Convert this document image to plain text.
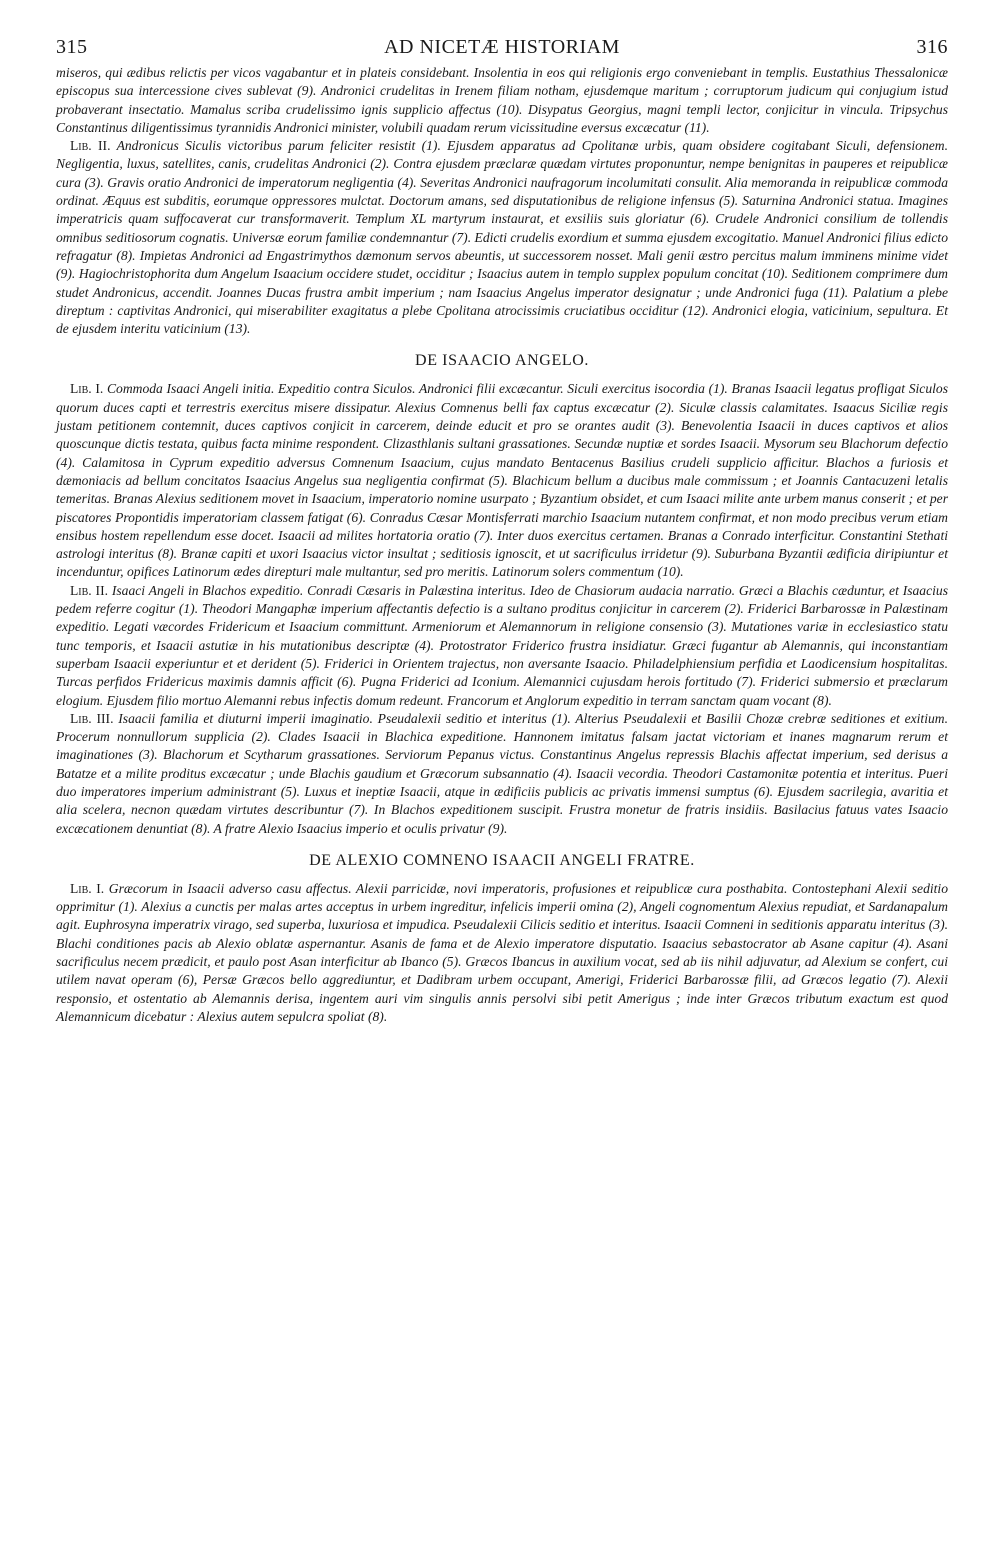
315	AD NICETÆ HISTORIAM	316

miseros, qui ædibus relictis per vicos vagabantur et in plateis considebant. Insolentia in eos qui religionis ergo conveniebant in templis. Eustathius Thessalonicæ episcopus sua intercessione cives sublevat (9). Andronici crudelitas in Irenem filiam notham, ejusdemque maritum ; corruptorum judicum qui conjugium istud probaverant insectatio. Mamalus scriba crudelissimo ignis supplicio affectus (10). Disypatus Georgius, magni templi lector, conjicitur in vincula. Tripsychus Constantinus diligentissimus tyrannidis Andronici minister, volubili quadam rerum vicissitudine eversus excæcatur (11).

Lib. II. Andronicus Siculis victoribus parum feliciter resistit (1). Ejusdem apparatus ad Cpolitanæ urbis, quam obsidere cogitabant Siculi, defensionem. Negligentia, luxus, satellites, canis, crudelitas Andronici (2). Contra ejusdem præclaræ quædam virtutes proponuntur, nempe benignitas in pauperes et reipublicæ cura (3). Gravis oratio Andronici de imperatorum negligentia (4). Severitas Andronici naufragorum incolumitati consulit. Alia memoranda in reipublicæ commoda ordinat. Æquus est subditis, eorumque oppressores mulctat. Doctorum amans, sed disputationibus de religione infensus (5). Saturnina Andronici statua. Imagines imperatricis quam suffocaverat cur transformaverit. Templum XL martyrum instaurat, et exsiliis suis gloriatur (6). Crudele Andronici consilium de tollendis omnibus seditiosorum cognatis. Universæ eorum familiæ condemnantur (7). Edicti crudelis exordium et summa ejusdem excogitatio. Manuel Andronici filius edicto refragatur (8). Impietas Andronici ad Engastrimythos dæmonum servos abeuntis, ut successorem nosset. Mali genii æstro percitus malum imminens minime videt (9). Hagiochristophorita dum Angelum Isaacium occidere studet, occiditur ; Isaacius autem in templo supplex populum concitat (10). Seditionem comprimere dum studet Andronicus, accendit. Joannes Ducas frustra ambit imperium ; nam Isaacius Angelus imperator designatur ; unde Andronici fuga (11). Palatium a plebe direptum : captivitas Andronici, qui miserabiliter exagitatus a plebe Cpolitana atrocissimis cruciatibus occiditur (12). Andronici elogia, vaticinium, sepultura. Et de ejusdem interitu vaticinium (13).

DE ISAACIO ANGELO.

Lib. I. Commoda Isaaci Angeli initia. Expeditio contra Siculos. Andronici filii excæcantur. Siculi exercitus isocordia (1). Branas Isaacii legatus profligat Siculos quorum duces capti et terrestris exercitus misere dissipatur. Alexius Comnenus belli fax captus excæcatur (2). Siculæ classis calamitates. Isaacus Siciliæ regis justam petitionem contemnit, duces captivos conjicit in carcerem, deinde educit et pro se orantes audit (3). Benevolentia Isaacii in duces captivos et alios quoscunque dictis testata, quibus facta minime respondent. Clizasthlanis sultani grassationes. Secundæ nuptiæ et sordes Isaacii. Mysorum seu Blachorum defectio (4). Calamitosa in Cyprum expeditio adversus Comnenum Isaacium, cujus mandato Bentacenus Basilius crudeli supplicio afficitur. Blachos a furiosis et dæmoniacis ad bellum concitatos Isaacius Angelus sua negligentia confirmat (5). Blachicum bellum a ducibus male commissum ; et Joannis Cantacuzeni letalis temeritas. Branas Alexius seditionem movet in Isaacium, imperatorio nomine usurpato ; Byzantium obsidet, et cum Isaaci milite ante urbem manus conserit ; et per piscatores Propontidis imperatoriam classem fatigat (6). Conradus Cæsar Montisferrati marchio Isaacium nutantem confirmat, et non modo precibus verum etiam ensibus hostem repellendum esse docet. Isaacii ad milites hortatoria oratio (7). Inter duos exercitus certamen. Branas a Conrado interficitur. Constantini Stethati astrologi interitus (8). Branæ capiti et uxori Isaacius victor insultat ; seditiosis ignoscit, et ut sacrificulus irridetur (9). Suburbana Byzantii ædificia diripiuntur et incenduntur, opifices Latinorum ædes direpturi male multantur, sed pro meritis. Latinorum solers commentum (10).

Lib. II. Isaaci Angeli in Blachos expeditio. Conradi Cæsaris in Palæstina interitus. Ideo de Chasiorum audacia narratio. Græci a Blachis cæduntur, et Isaacius pedem referre cogitur (1). Theodori Mangaphæ imperium affectantis defectio is a sultano proditus conjicitur in carcerem (2). Friderici Barbarossæ in Palæstinam expeditio. Legati væcordes Fridericum et Isaacium committunt. Armeniorum et Alemannorum in religione consensio (3). Mutationes variæ in ecclesiastico statu tunc temporis, et Isaacii astutiæ in his mutationibus descriptæ (4). Protostrator Friderico frustra insidiatur. Græci fugantur ab Alemannis, qui inconstantiam superbam Isaacii experiuntur et et derident (5). Friderici in Orientem trajectus, non aversante Isaacio. Philadelphiensium perfidia et Laodicensium hospitalitas. Turcas perfidos Fridericus maximis damnis afficit (6). Pugna Friderici ad Iconium. Alemannici cujusdam herois fortitudo (7). Friderici submersio et præclarum elogium. Ejusdem filio mortuo Alemanni rebus infectis domum redeunt. Francorum et Anglorum expeditio in terram sanctam quam vocant (8).

Lib. III. Isaacii familia et diuturni imperii imaginatio. Pseudalexii seditio et interitus (1). Alterius Pseudalexii et Basilii Chozæ crebræ seditiones et exitium. Procerum nonnullorum supplicia (2). Clades Isaacii in Blachica expeditione. Hannonem imitatus falsam jactat victoriam et inanes magnarum rerum et imaginationes (3). Blachorum et Scytharum grassationes. Serviorum Pepanus victus. Constantinus Angelus repressis Blachis affectat imperium, sed derisus a Batatze et a milite proditus excæcatur ; unde Blachis gaudium et Græcorum subsannatio (4). Isaacii vecordia. Theodori Castamonitæ potentia et interitus. Pueri duo imperatores imperium administrant (5). Luxus et ineptiæ Isaacii, atque in ædificiis publicis ac privatis immensi sumptus (6). Ejusdem sacrilegia, avaritia et alia scelera, necnon quædam virtutes describuntur (7). In Blachos expeditionem suscipit. Frustra monetur de fratris insidiis. Basilacius fatuus vates Isaacio excæcationem denuntiat (8). A fratre Alexio Isaacius imperio et oculis privatur (9).

DE ALEXIO COMNENO ISAACII ANGELI FRATRE.

Lib. I. Græcorum in Isaacii adverso casu affectus. Alexii parricidæ, novi imperatoris, profusiones et reipublicæ cura posthabita. Contostephani Alexii seditio opprimitur (1). Alexius a cunctis per malas artes acceptus in urbem ingreditur, infelicis imperii omina (2), Angeli cognomentum Alexius repudiat, et Sardanapalum agit. Euphrosyna imperatrix virago, sed superba, luxuriosa et impudica. Pseudalexii Cilicis seditio et interitus. Isaacii Comneni in seditionis apparatu interitus (3). Blachi conditiones pacis ab Alexio oblatæ aspernantur. Asanis de fama et de Alexio imperatore disputatio. Isaacius sebastocrator ab Asane capitur (4). Asani sacrificulus necem prædicit, et paulo post Asan interficitur ab Ibanco (5). Græcos Ibancus in auxilium vocat, sed ab iis nihil adjuvatur, ad Alexium se confert, cui utilem navat operam (6), Persæ Græcos bello aggrediuntur, et Dadibram urbem occupant, Amerigi, Friderici Barbarossæ filii, ad Græcos legatio (7). Alexii responsio, et ostentatio ab Alemannis derisa, ingentem auri vim singulis annis persolvi sibi petit Amerigus ; inde inter Græcos tributum exactum est quod Alemannicum dicebatur : Alexius autem sepulcra spoliat (8).
